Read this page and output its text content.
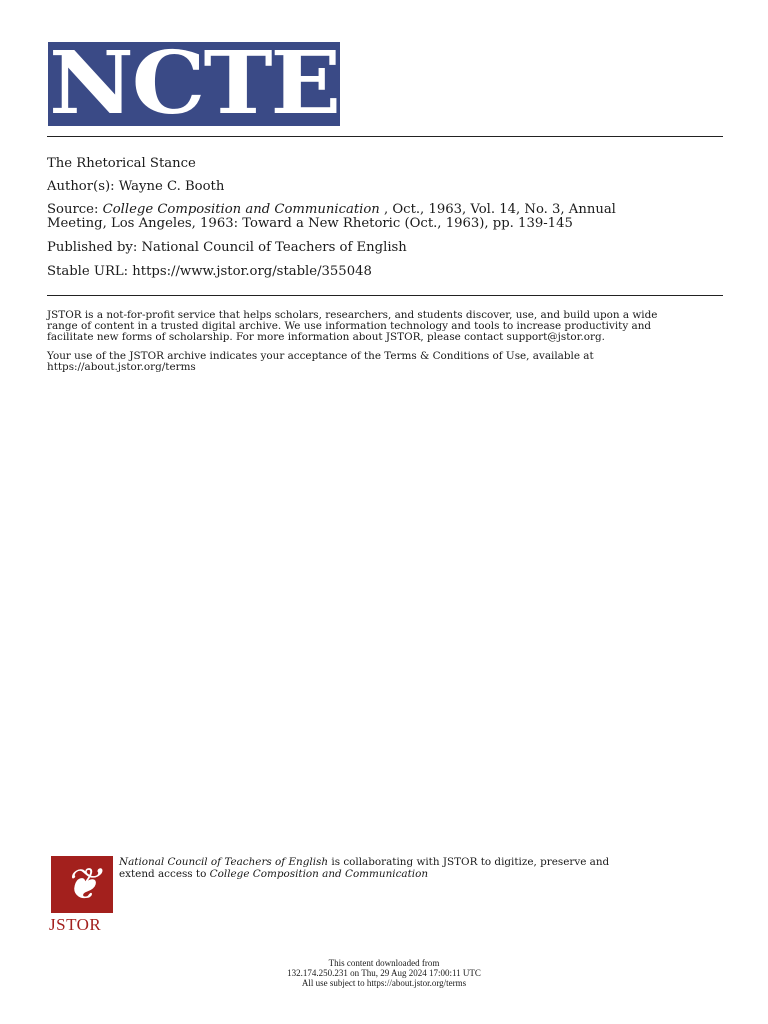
NCTE
The Rhetorical Stance
Author(s): Wayne C. Booth
Source: College Composition and Communication , Oct., 1963, Vol. 14, No. 3, Annual
Meeting, Los Angeles, 1963: Toward a New Rhetoric (Oct., 1963), pp. 139-145
Published by: National Council of Teachers of English
Stable URL: https://www.jstor.org/stable/355048
JSTOR is a not-for-profit service that helps scholars, researchers, and students discover, use, and build upon a wide
range of content in a trusted digital archive. We use information technology and tools to increase productivity and
facilitate new forms of scholarship. For more information about JSTOR, please contact support@jstor.org.
Your use of the JSTOR archive indicates your acceptance of the Terms & Conditions of Use, available at
https://about.jstor.org/terms
❦
JSTOR
National Council of Teachers of English is collaborating with JSTOR to digitize, preserve and
extend access to College Composition and Communication
This content downloaded from
132.174.250.231 on Thu, 29 Aug 2024 17:00:11 UTC
All use subject to https://about.jstor.org/terms
